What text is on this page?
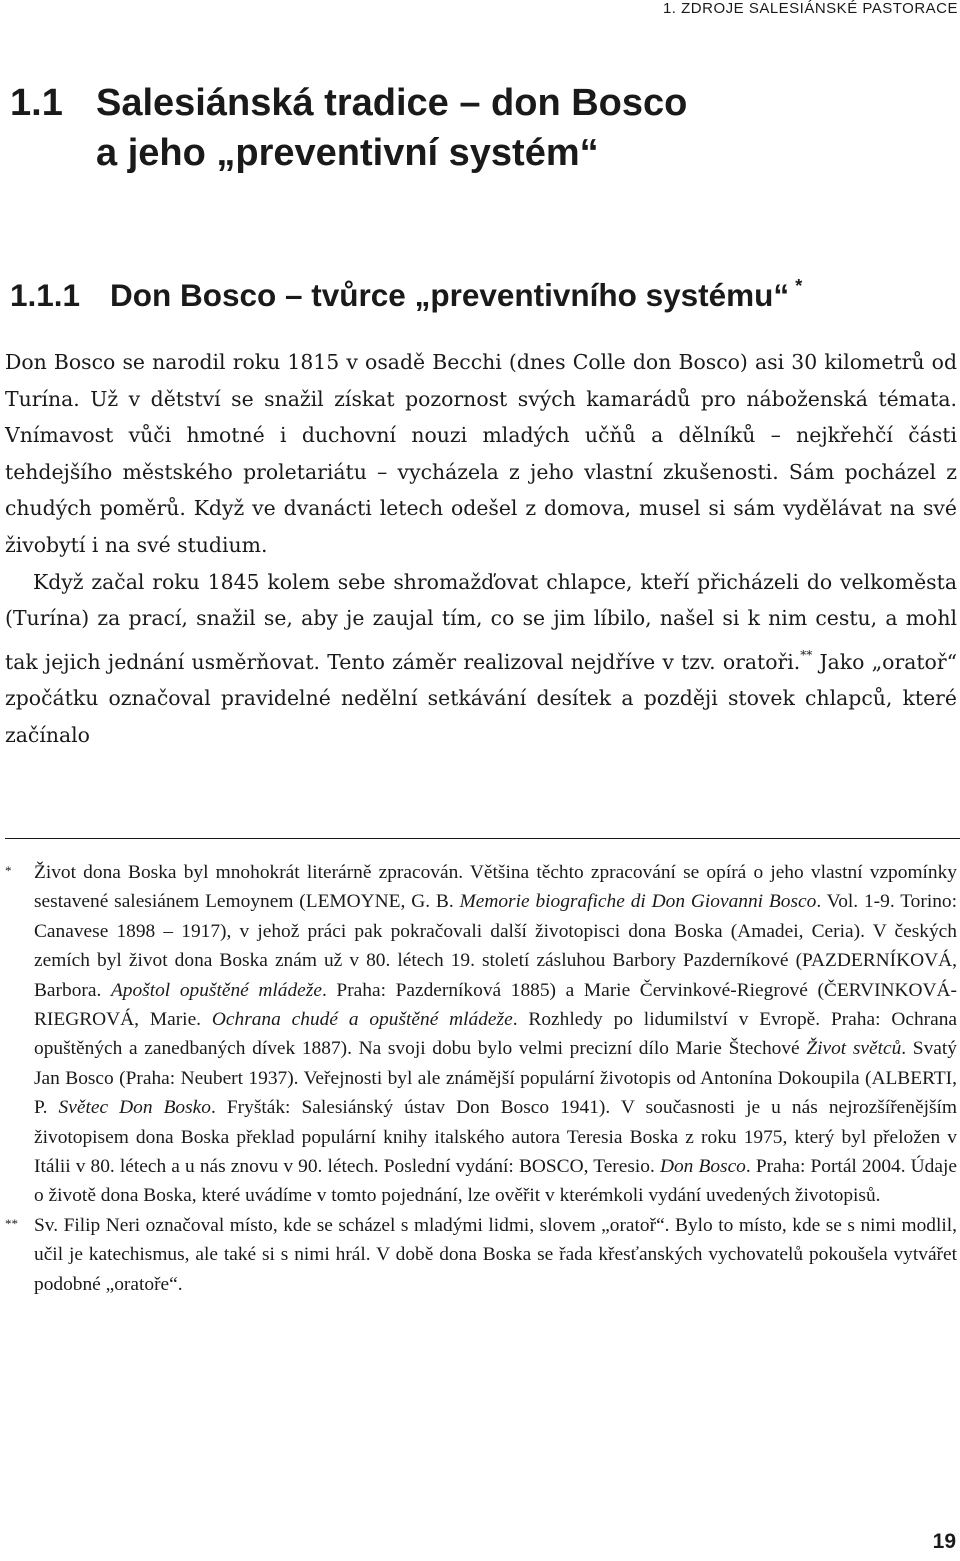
1. ZDROJE SALESIÁNSKÉ PASTORACE
1.1 Salesiánská tradice – don Bosco
a jeho „preventivní systém“
1.1.1 Don Bosco – tvůrce „preventivního systému“ *

Don Bosco se narodil roku 1815 v osadě Becchi (dnes Colle don Bosco) asi 30 kilometrů od Turína. Už v dětství se snažil získat pozornost svých kamarádů pro náboženská témata. Vnímavost vůči hmotné i duchovní nouzi mladých učňů a dělníků – nejkřehčí části tehdejšího městského proletariátu – vycházela z jeho vlastní zkušenosti. Sám pocházel z chudých poměrů. Když ve dvanácti letech odešel z domova, musel si sám vydělávat na své živobytí i na své studium.

Když začal roku 1845 kolem sebe shromažďovat chlapce, kteří přicházeli do velkoměsta (Turína) za prací, snažil se, aby je zaujal tím, co se jim líbilo, našel si k nim cestu, a mohl tak jejich jednání usměrňovat. Tento záměr realizoval nejdříve v tzv. oratoři.** Jako „oratoř“ zpočátku označoval pravidelné nedělní setkávání desítek a později stovek chlapců, které začínalo

* Život dona Boska byl mnohokrát literárně zpracován. Většina těchto zpracování se opírá o jeho vlastní vzpomínky sestavené salesiánem Lemoynem (LEMOYNE, G. B. Memorie biografiche di Don Giovanni Bosco. Vol. 1-9. Torino: Canavese 1898 – 1917), v jehož práci pak pokračovali další životopisci dona Boska (Amadei, Ceria). V českých zemích byl život dona Boska znám už v 80. létech 19. století zásluhou Barbory Pazderníkové (PAZDERNÍKOVÁ, Barbora. Apoštol opuštěné mládeže. Praha: Pazderníková 1885) a Marie Červinkové-Riegrové (ČERVINKOVÁ-RIEGROVÁ, Marie. Ochrana chudé a opuštěné mládeže. Rozhledy po lidumilství v Evropě. Praha: Ochrana opuštěných a zanedbaných dívek 1887). Na svoji dobu bylo velmi precizní dílo Marie Štechové Život světců. Svatý Jan Bosco (Praha: Neubert 1937). Veřejnosti byl ale známější populární životopis od Antonína Dokoupila (ALBERTI, P. Světec Don Bosko. Fryšták: Salesiánský ústav Don Bosco 1941). V současnosti je u nás nejrozšířenějším životopisem dona Boska překlad populární knihy italského autora Teresia Boska z roku 1975, který byl přeložen v Itálii v 80. létech a u nás znovu v 90. létech. Poslední vydání: BOSCO, Teresio. Don Bosco. Praha: Portál 2004. Údaje o životě dona Boska, které uvádíme v tomto pojednání, lze ověřit v kterémkoli vydání uvedených životopisů.

** Sv. Filip Neri označoval místo, kde se scházel s mladými lidmi, slovem „oratoř“. Bylo to místo, kde se s nimi modlil, učil je katechismus, ale také si s nimi hrál. V době dona Boska se řada křesťanských vychovatelů pokoušela vytvářet podobné „oratoře“.

19
